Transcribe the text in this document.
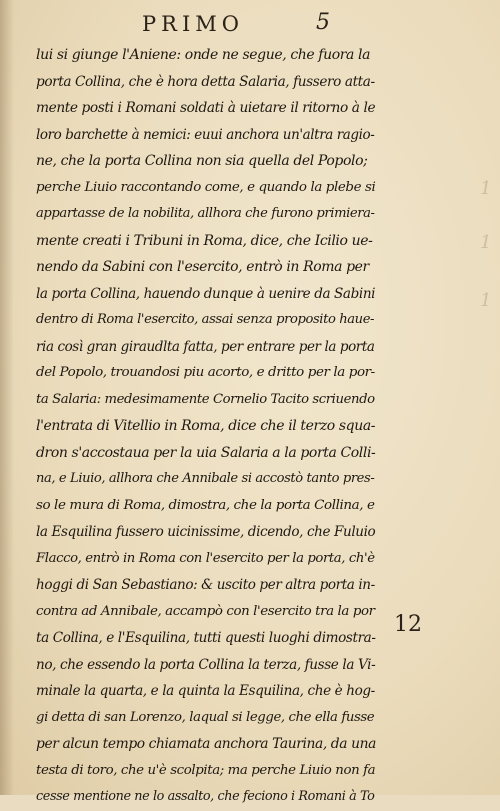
1
1
1
PRIMO	5
lui si giunge l'Aniene: onde ne segue, che fuora la
porta Collina, che è hora detta Salaria, fussero atta-
mente posti i Romani soldati à uietare il ritorno à le
loro barchette à nemici: euui anchora un'altra ragio-
ne, che la porta Collina non sia quella del Popolo;
perche Liuio raccontando come, e quando la plebe si
appartasse de la nobilita, allhora che furono primiera-
mente creati i Tribuni in Roma, dice, che Icilio ue-
nendo da Sabini con l'esercito, entrò in Roma per
la porta Collina, hauendo dunque à uenire da Sabini
dentro di Roma l'esercito, assai senza proposito haue-
ria così gran giraudlta fatta, per entrare per la porta
del Popolo, trouandosi piu acorto, e dritto per la por-
ta Salaria: medesimamente Cornelio Tacito scriuendo
l'entrata di Vitellio in Roma, dice che il terzo squa-
dron s'accostaua per la uia Salaria a la porta Colli-
na, e Liuio, allhora che Annibale si accostò tanto pres-
so le mura di Roma, dimostra, che la porta Collina, e
la Esquilina fussero uicinissime, dicendo, che Fuluio
Flacco, entrò in Roma con l'esercito per la porta, ch'è
hoggi di San Sebastiano: & uscito per altra porta in-
contra ad Annibale, accampò con l'esercito tra la por
ta Collina, e l'Esquilina, tutti questi luoghi dimostra-
no, che essendo la porta Collina la terza, fusse la Vi-
minale la quarta, e la quinta la Esquilina, che è hog-
gi detta di san Lorenzo, laqual si legge, che ella fusse
per alcun tempo chiamata anchora Taurina, da una
testa di toro, che u'è scolpita; ma perche Liuio non fa
cesse mentione ne lo assalto, che feciono i Romani à To
12
